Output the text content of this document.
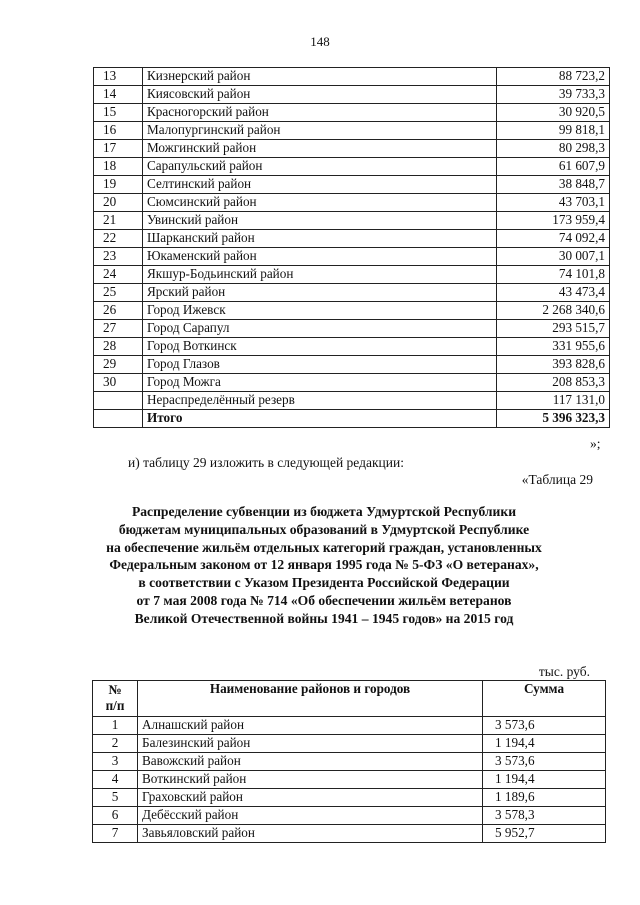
148
13	Кизнерский район	88 723,2
14	Киясовский район	39 733,3
15	Красногорский район	30 920,5
16	Малопургинский район	99 818,1
17	Можгинский район	80 298,3
18	Сарапульский район	61 607,9
19	Селтинский район	38 848,7
20	Сюмсинский район	43 703,1
21	Увинский район	173 959,4
22	Шарканский район	74 092,4
23	Юкаменский район	30 007,1
24	Якшур-Бодьинский район	74 101,8
25	Ярский район	43 473,4
26	Город Ижевск	2 268 340,6
27	Город Сарапул	293 515,7
28	Город Воткинск	331 955,6
29	Город Глазов	393 828,6
30	Город Можга	208 853,3
	Нераспределённый резерв	117 131,0
	Итого	5 396 323,3
»;
и) таблицу 29 изложить в следующей редакции:
«Таблица 29
Распределение субвенции из бюджета Удмуртской Республики
бюджетам муниципальных образований в Удмуртской Республике
на обеспечение жильём отдельных категорий граждан, установленных
Федеральным законом от 12 января 1995 года № 5-ФЗ «О ветеранах»,
в соответствии с Указом Президента Российской Федерации
от 7 мая 2008 года № 714 «Об обеспечении жильём ветеранов
Великой Отечественной войны 1941 – 1945 годов» на 2015 год
тыс. руб.
№
п/п	Наименование районов и городов	Сумма
1	Алнашский район	3 573,6
2	Балезинский район	1 194,4
3	Вавожский район	3 573,6
4	Воткинский район	1 194,4
5	Граховский район	1 189,6
6	Дебёсский район	3 578,3
7	Завьяловский район	5 952,7
